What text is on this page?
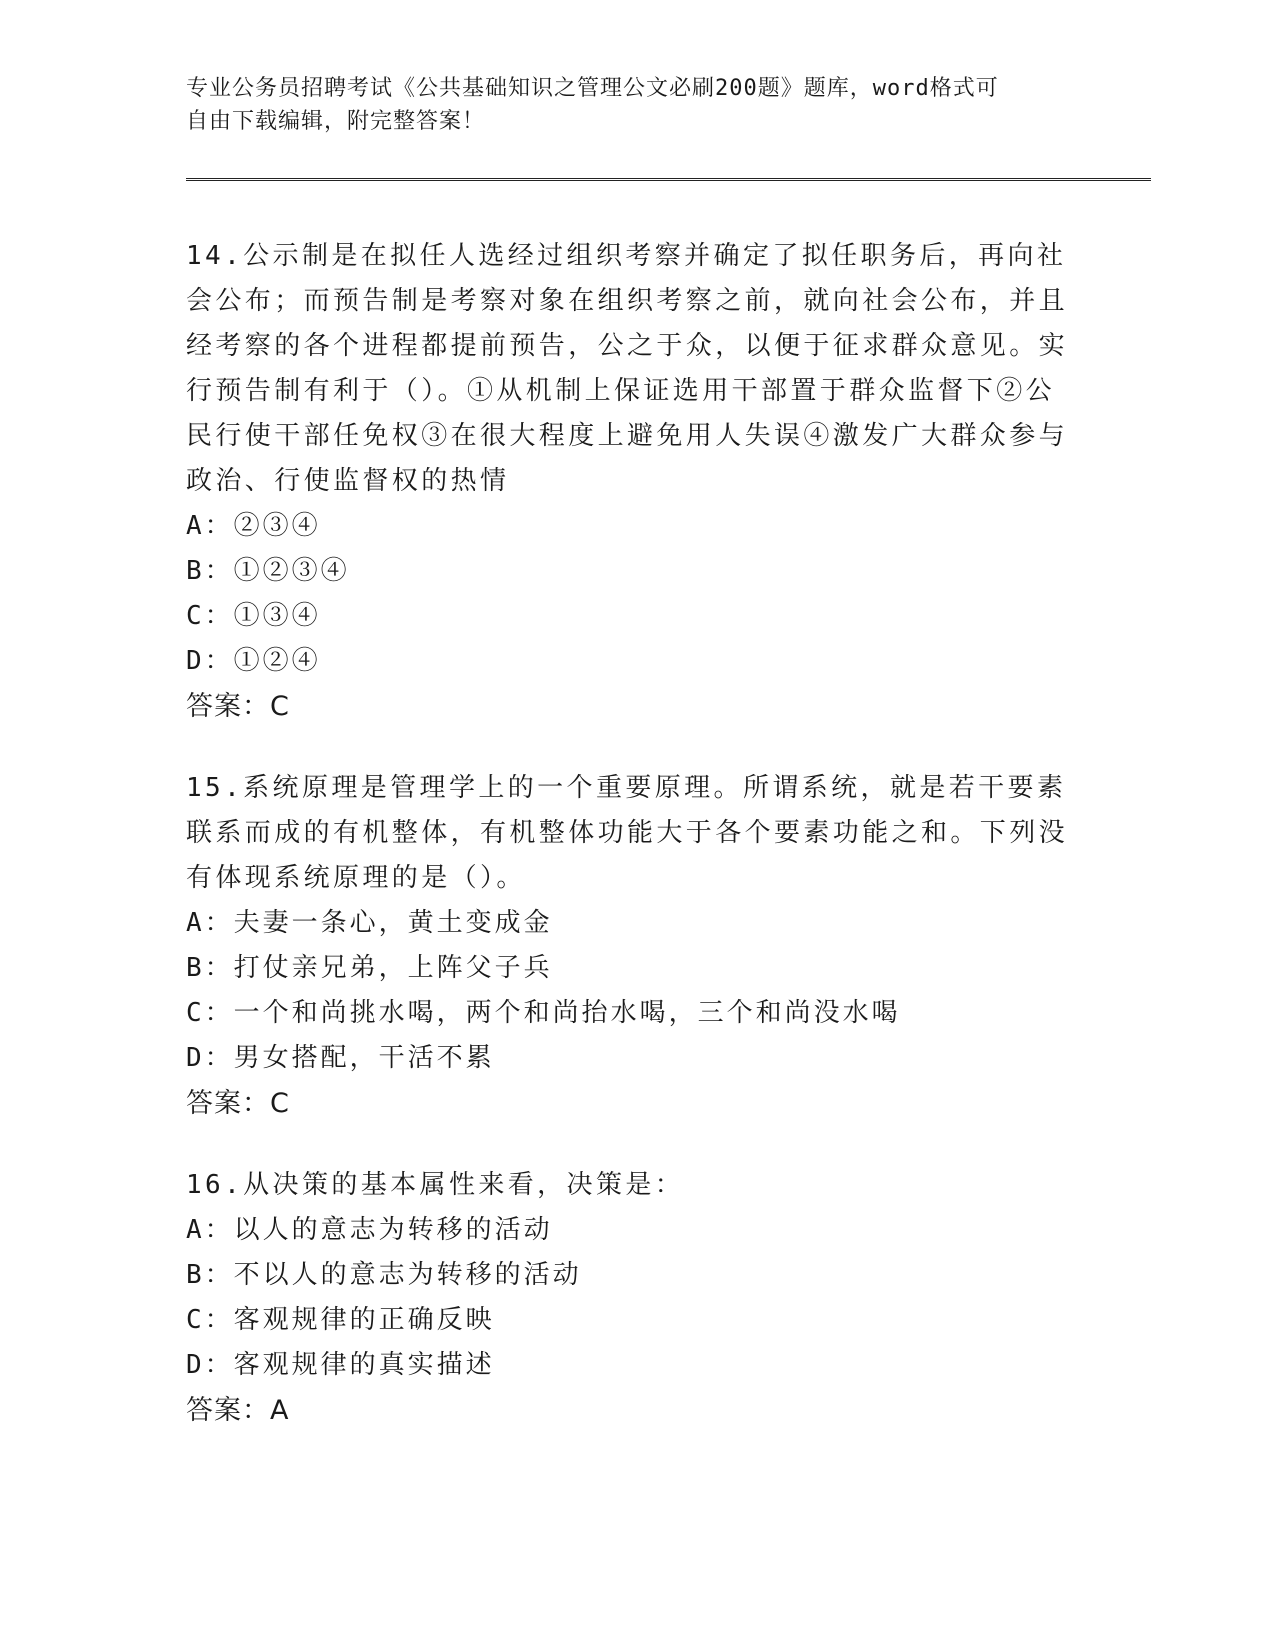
专业公务员招聘考试《公共基础知识之管理公文必刷200题》题库，word格式可
自由下载编辑，附完整答案！

14.公示制是在拟任人选经过组织考察并确定了拟任职务后，再向社会公布；而预告制是考察对象在组织考察之前，就向社会公布，并且经考察的各个进程都提前预告，公之于众，以便于征求群众意见。实行预告制有利于（）。①从机制上保证选用干部置于群众监督下②公民行使干部任免权③在很大程度上避免用人失误④激发广大群众参与政治、行使监督权的热情

A：②③④

B：①②③④

C：①③④

D：①②④

答案：C

15.系统原理是管理学上的一个重要原理。所谓系统，就是若干要素联系而成的有机整体，有机整体功能大于各个要素功能之和。下列没有体现系统原理的是（）。

A：夫妻一条心，黄土变成金

B：打仗亲兄弟，上阵父子兵

C：一个和尚挑水喝，两个和尚抬水喝，三个和尚没水喝

D：男女搭配，干活不累

答案：C

16.从决策的基本属性来看，决策是：

A：以人的意志为转移的活动

B：不以人的意志为转移的活动

C：客观规律的正确反映

D：客观规律的真实描述

答案：A
